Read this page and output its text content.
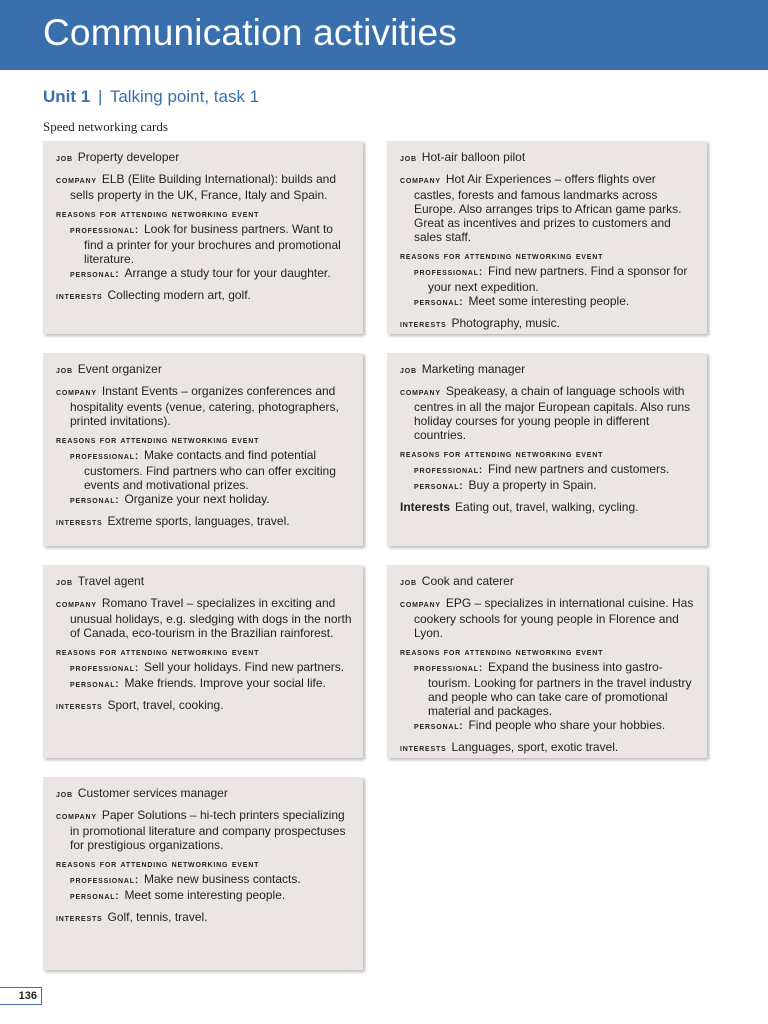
Communication activities
Unit 1 | Talking point, task 1
Speed networking cards
job Property developer
company ELB (Elite Building International): builds and sells property in the UK, France, Italy and Spain.
reasons for attending networking event
professional: Look for business partners. Want to find a printer for your brochures and promotional literature.
personal: Arrange a study tour for your daughter.
interests Collecting modern art, golf.
job Hot-air balloon pilot
company Hot Air Experiences – offers flights over castles, forests and famous landmarks across Europe. Also arranges trips to African game parks. Great as incentives and prizes to customers and sales staff.
reasons for attending networking event
professional: Find new partners. Find a sponsor for your next expedition.
personal: Meet some interesting people.
interests Photography, music.
job Event organizer
company Instant Events – organizes conferences and hospitality events (venue, catering, photographers, printed invitations).
reasons for attending networking event
professional: Make contacts and find potential customers. Find partners who can offer exciting events and motivational prizes.
personal: Organize your next holiday.
interests Extreme sports, languages, travel.
job Marketing manager
company Speakeasy, a chain of language schools with centres in all the major European capitals. Also runs holiday courses for young people in different countries.
reasons for attending networking event
professional: Find new partners and customers.
personal: Buy a property in Spain.
Interests Eating out, travel, walking, cycling.
job Travel agent
company Romano Travel – specializes in exciting and unusual holidays, e.g. sledging with dogs in the north of Canada, eco-tourism in the Brazilian rainforest.
reasons for attending networking event
professional: Sell your holidays. Find new partners.
personal: Make friends. Improve your social life.
interests Sport, travel, cooking.
job Cook and caterer
company EPG – specializes in international cuisine. Has cookery schools for young people in Florence and Lyon.
reasons for attending networking event
professional: Expand the business into gastro-tourism. Looking for partners in the travel industry and people who can take care of promotional material and packages.
personal: Find people who share your hobbies.
interests Languages, sport, exotic travel.
job Customer services manager
company Paper Solutions – hi-tech printers specializing in promotional literature and company prospectuses for prestigious organizations.
reasons for attending networking event
professional: Make new business contacts.
personal: Meet some interesting people.
interests Golf, tennis, travel.
136
